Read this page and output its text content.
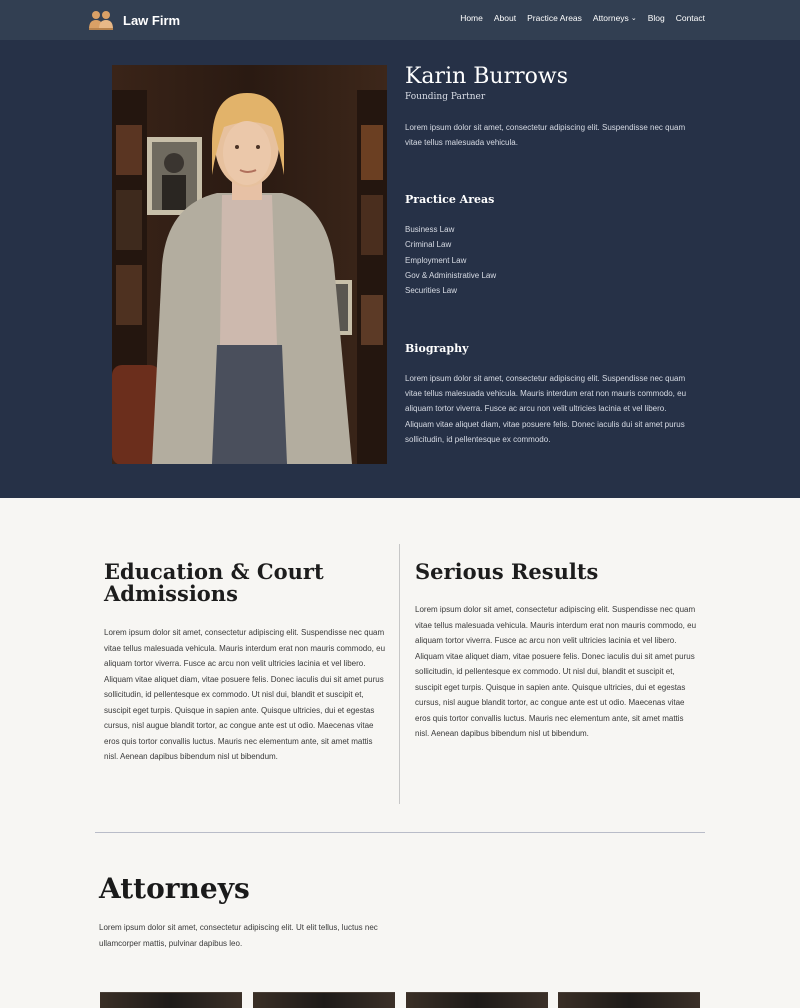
Law Firm	Home About Practice Areas Attorneys ⌄ Blog Contact
Karin Burrows
Founding Partner

Lorem ipsum dolor sit amet, consectetur adipiscing elit. Suspendisse nec quam vitae tellus malesuada vehicula.

Practice Areas
Business Law
Criminal Law
Employment Law
Gov & Administrative Law
Securities Law
Biography

Lorem ipsum dolor sit amet, consectetur adipiscing elit. Suspendisse nec quam vitae tellus malesuada vehicula. Mauris interdum erat non mauris commodo, eu aliquam tortor viverra. Fusce ac arcu non velit ultricies lacinia et vel libero. Aliquam vitae aliquet diam, vitae posuere felis. Donec iaculis dui sit amet purus sollicitudin, id pellentesque ex commodo.

Education & Court Admissions

Lorem ipsum dolor sit amet, consectetur adipiscing elit. Suspendisse nec quam vitae tellus malesuada vehicula. Mauris interdum erat non mauris commodo, eu aliquam tortor viverra. Fusce ac arcu non velit ultricies lacinia et vel libero. Aliquam vitae aliquet diam, vitae posuere felis. Donec iaculis dui sit amet purus sollicitudin, id pellentesque ex commodo. Ut nisl dui, blandit et suscipit et, suscipit eget turpis. Quisque in sapien ante. Quisque ultricies, dui et egestas cursus, nisl augue blandit tortor, ac congue ante est ut odio. Maecenas vitae eros quis tortor convallis luctus. Mauris nec elementum ante, sit amet mattis nisl. Aenean dapibus bibendum nisl ut bibendum.

Serious Results

Lorem ipsum dolor sit amet, consectetur adipiscing elit. Suspendisse nec quam vitae tellus malesuada vehicula. Mauris interdum erat non mauris commodo, eu aliquam tortor viverra. Fusce ac arcu non velit ultricies lacinia et vel libero. Aliquam vitae aliquet diam, vitae posuere felis. Donec iaculis dui sit amet purus sollicitudin, id pellentesque ex commodo. Ut nisl dui, blandit et suscipit et, suscipit eget turpis. Quisque in sapien ante. Quisque ultricies, dui et egestas cursus, nisl augue blandit tortor, ac congue ante est ut odio. Maecenas vitae eros quis tortor convallis luctus. Mauris nec elementum ante, sit amet mattis nisl. Aenean dapibus bibendum nisl ut bibendum.

Attorneys

Lorem ipsum dolor sit amet, consectetur adipiscing elit. Ut elit tellus, luctus nec ullamcorper mattis, pulvinar dapibus leo.
